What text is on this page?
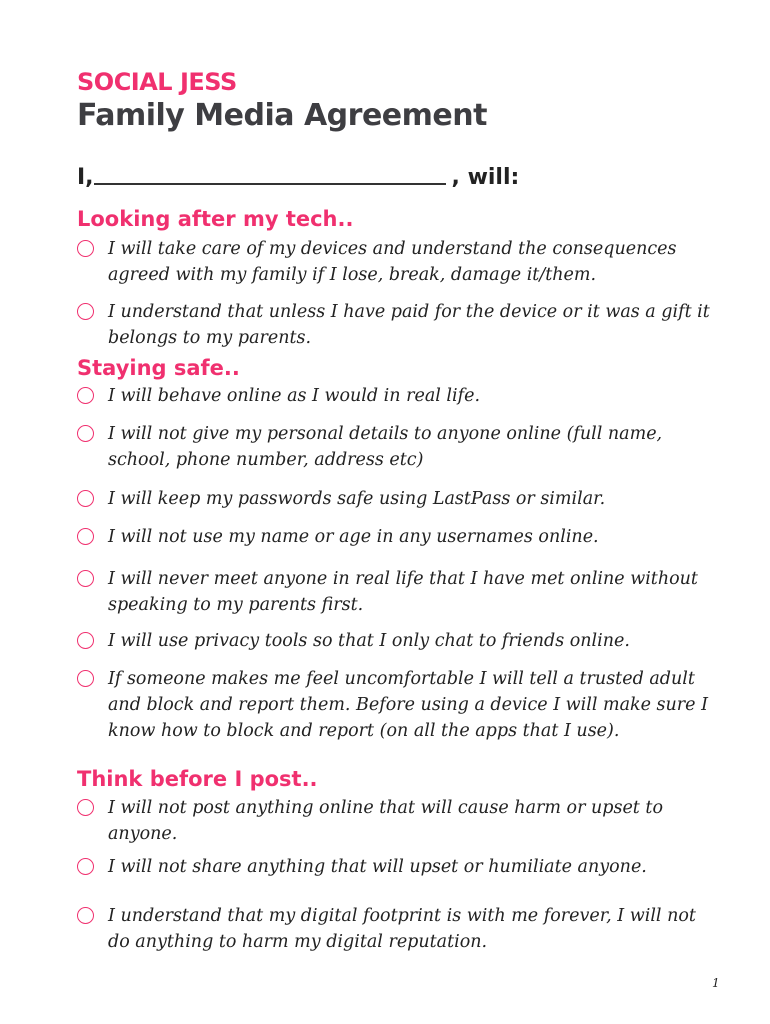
SOCIAL JESS
Family Media Agreement
I,	, will:
Looking after my tech..
I will take care of my devices and understand the consequences agreed with my family if I lose, break, damage it/them.
I understand that unless I have paid for the device or it was a gift it belongs to my parents.
Staying safe..
I will behave online as I would in real life.
I will not give my personal details to anyone online (full name, school, phone number, address etc)
I will keep my passwords safe using LastPass or similar.
I will not use my name or age in any usernames online.
I will never meet anyone in real life that I have met online without speaking to my parents first.
I will use privacy tools so that I only chat to friends online.
If someone makes me feel uncomfortable I will tell a trusted adult and block and report them. Before using a device I will make sure I know how to block and report (on all the apps that I use).
Think before I post..
I will not post anything online that will cause harm or upset to anyone.
I will not share anything that will upset or humiliate anyone.
I understand that my digital footprint is with me forever, I will not do anything to harm my digital reputation.
1
